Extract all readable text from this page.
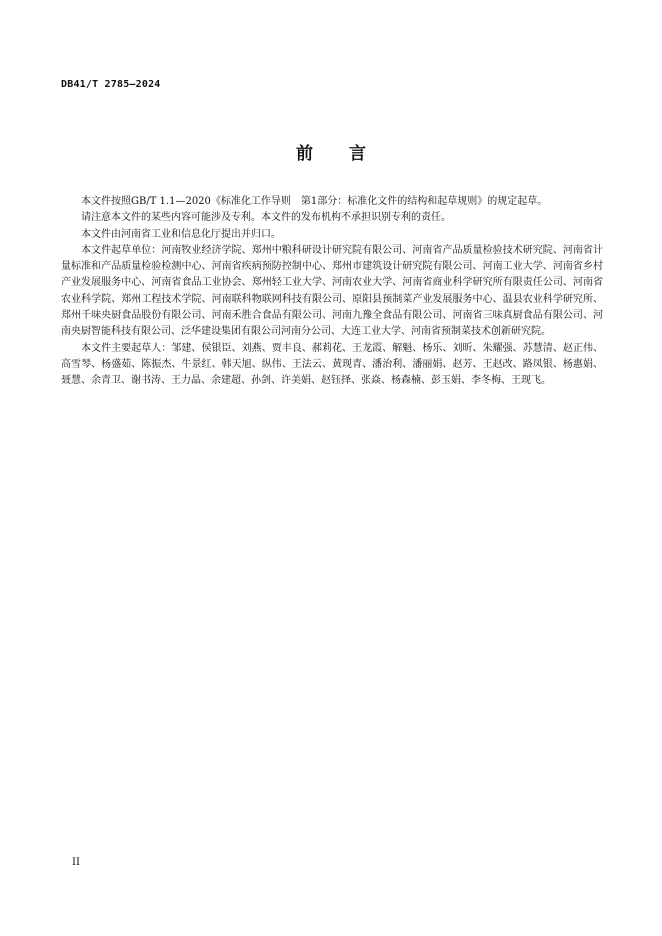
DB41/T 2785—2024
前 言

本文件按照GB/T 1.1—2020《标准化工作导则　第1部分：标准化文件的结构和起草规则》的规定起草。

请注意本文件的某些内容可能涉及专利。本文件的发布机构不承担识别专利的责任。

本文件由河南省工业和信息化厅提出并归口。

本文件起草单位：河南牧业经济学院、郑州中粮科研设计研究院有限公司、河南省产品质量检验技术研究院、河南省计量标准和产品质量检验检测中心、河南省疾病预防控制中心、郑州市建筑设计研究院有限公司、河南工业大学、河南省乡村产业发展服务中心、河南省食品工业协会、郑州轻工业大学、河南农业大学、河南省商业科学研究所有限责任公司、河南省农业科学院、郑州工程技术学院、河南联科物联网科技有限公司、原阳县预制菜产业发展服务中心、温县农业科学研究所、郑州千味央厨食品股份有限公司、河南禾胜合食品有限公司、河南九豫全食品有限公司、河南省三味真厨食品有限公司、河南央厨智能科技有限公司、泛华建设集团有限公司河南分公司、大连工业大学、河南省预制菜技术创新研究院。

本文件主要起草人：邹建、侯银臣、刘燕、贾丰良、郝莉花、王龙霞、解魁、杨乐、刘昕、朱耀强、苏慧清、赵正伟、高雪琴、杨盛茹、陈振杰、牛景红、韩天旭、纵伟、王法云、黄现青、潘治利、潘丽娟、赵芳、王赵改、路凤银、杨惠娟、聂慧、余青卫、谢书涛、王力晶、余建超、孙剑、许美娟、赵钰择、张焱、杨森楠、彭玉娟、李冬梅、王现飞。

II
